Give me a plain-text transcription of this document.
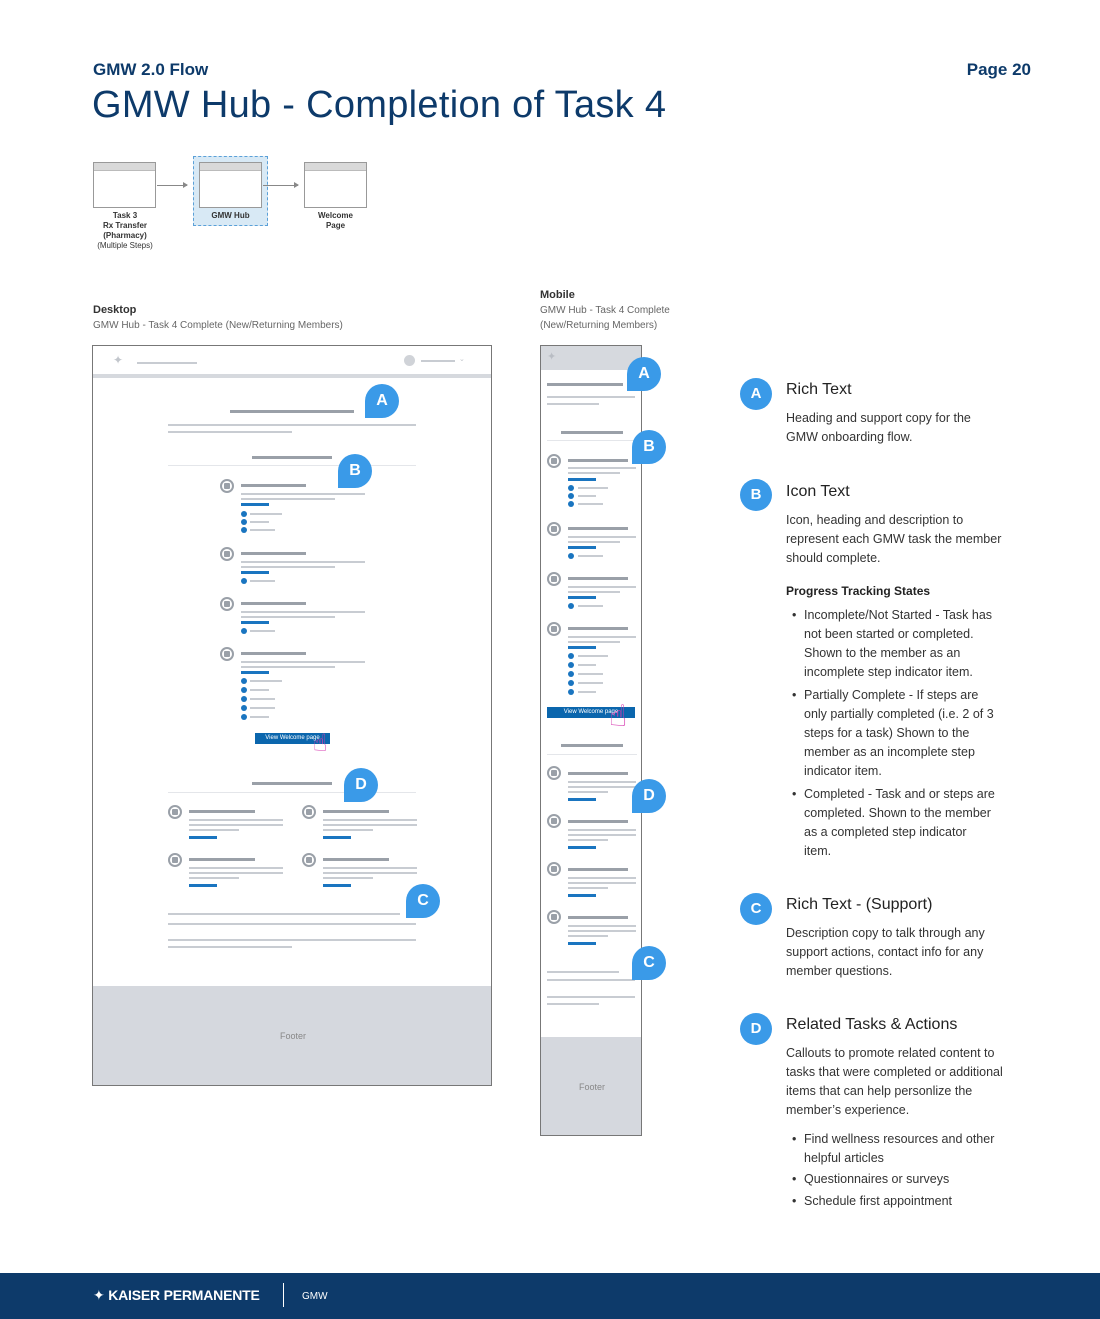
GMW 2.0 Flow	Page 20
GMW Hub - Completion of Task 4
Task 3
Rx Transfer
(Pharmacy)
(Multiple Steps)
GMW Hub	Welcome
Page
Desktop
GMW Hub - Task 4 Complete (New/Returning Members)
Mobile
GMW Hub - Task 4 Complete
(New/Returning Members)
✦	⌄
View Welcome page
☝
Footer
A
B
D
C
✦
View Welcome page
☝
Footer
A
B
D
C
A	Rich Text
Heading and support copy for the GMW onboarding flow.
B	Icon Text
Icon, heading and description to represent each GMW task the member should complete.
Progress Tracking States
• Incomplete/Not Started - Task has not been started or completed. Shown to the member as an incomplete step indicator item.
• Partially Complete - If steps are only partially completed (i.e. 2 of 3 steps for a task) Shown to the member as an incomplete step indicator item.
• Completed - Task and or steps are completed. Shown to the member as a completed step indicator item.
C	Rich Text - (Support)
Description copy to talk through any support actions, contact info for any member questions.
D	Related Tasks & Actions
Callouts to promote related content to tasks that were completed or additional items that can help personlize the member’s experience.
• Find wellness resources and other helpful articles
• Questionnaires or surveys
• Schedule first appointment
✦ KAISER PERMANENTE	GMW
